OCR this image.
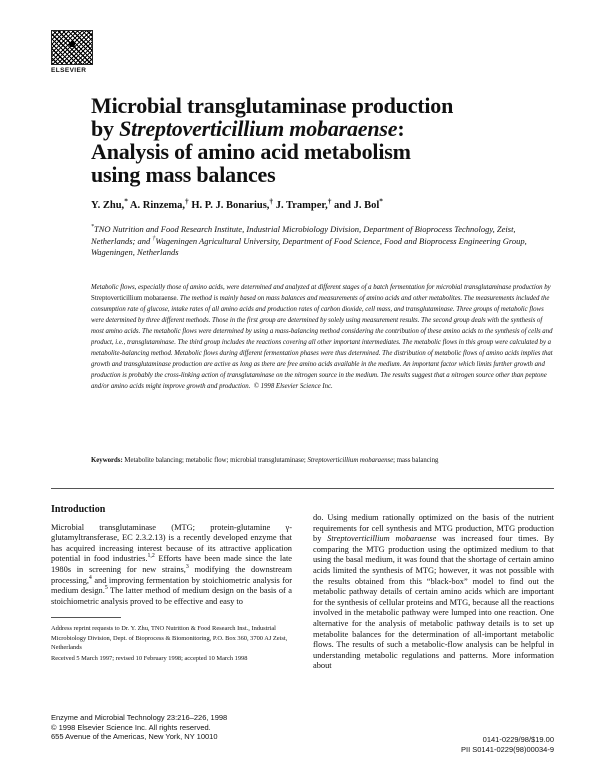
ELSEVIER
Microbial transglutaminase production
by Streptoverticillium mobaraense:
Analysis of amino acid metabolism
using mass balances
Y. Zhu,* A. Rinzema,† H. P. J. Bonarius,† J. Tramper,† and J. Bol*
*TNO Nutrition and Food Research Institute, Industrial Microbiology Division, Department of Bioprocess Technology, Zeist, Netherlands; and †Wageningen Agricultural University, Department of Food Science, Food and Bioprocess Engineering Group, Wageningen, Netherlands
Metabolic flows, especially those of amino acids, were determined and analyzed at different stages of a batch fermentation for microbial transglutaminase production by Streptoverticillium mobaraense. The method is mainly based on mass balances and measurements of amino acids and other metabolites. The measurements included the consumption rate of glucose, intake rates of all amino acids and production rates of carbon dioxide, cell mass, and transglutaminase. Three groups of metabolic flows were determined by three different methods. Those in the first group are determined by solely using measurement results. The second group deals with the synthesis of most amino acids. The metabolic flows were determined by using a mass-balancing method considering the contribution of these amino acids to the synthesis of cells and product, i.e., transglutaminase. The third group includes the reactions covering all other important intermediates. The metabolic flows in this group were calculated by a metabolite-balancing method. Metabolic flows during different fermentation phases were thus determined. The distribution of metabolic flows of amino acids implies that growth and transglutaminase production are active as long as there are free amino acids available in the medium. An important factor which limits further growth and production is probably the cross-linking action of transglutaminase on the nitrogen source in the medium. The results suggest that a nitrogen source other than peptone and/or amino acids might improve growth and production. © 1998 Elsevier Science Inc.
Keywords: Metabolite balancing; metabolic flow; microbial transglutaminase; Streptoverticillium mobaraense; mass balancing
Introduction

Microbial transglutaminase (MTG; protein-glutamine γ-glutamyltransferase, EC 2.3.2.13) is a recently developed enzyme that has acquired increasing interest because of its attractive application potential in food industries.$^{1,2}$ Efforts have been made since the late 1980s in screening for new strains,$^3$ modifying the downstream processing,$^4$ and improving fermentation by stoichiometric analysis for medium design.$^5$ The latter method of medium design on the basis of a stoichiometric analysis proved to be effective and easy to

Address reprint requests to Dr. Y. Zhu, TNO Nutrition & Food Research Inst., Industrial Microbiology Division, Dept. of Bioprocess & Biomonitoring, P.O. Box 360, 3700 AJ Zeist, Netherlands

Received 5 March 1997; revised 10 February 1998; accepted 10 March 1998

do. Using medium rationally optimized on the basis of the nutrient requirements for cell synthesis and MTG production, MTG production by Streptoverticillium mobaraense was increased four times. By comparing the MTG production using the optimized medium to that using the basal medium, it was found that the shortage of certain amino acids limited the synthesis of MTG; however, it was not possible with the results obtained from this “black-box” model to find out the metabolic pathway details of certain amino acids which are important for the synthesis of cellular proteins and MTG, because all the reactions involved in the metabolic pathway were lumped into one reaction. One alternative for the analysis of metabolic pathway details is to set up metabolite balances for the determination of all-important metabolic flows. The results of such a metabolic-flow analysis can be helpful in understanding metabolic regulations and patterns. More information about

Enzyme and Microbial Technology 23:216–226, 1998
© 1998 Elsevier Science Inc. All rights reserved.
655 Avenue of the Americas, New York, NY 10010	0141-0229/98/$19.00
PII S0141-0229(98)00034-9
